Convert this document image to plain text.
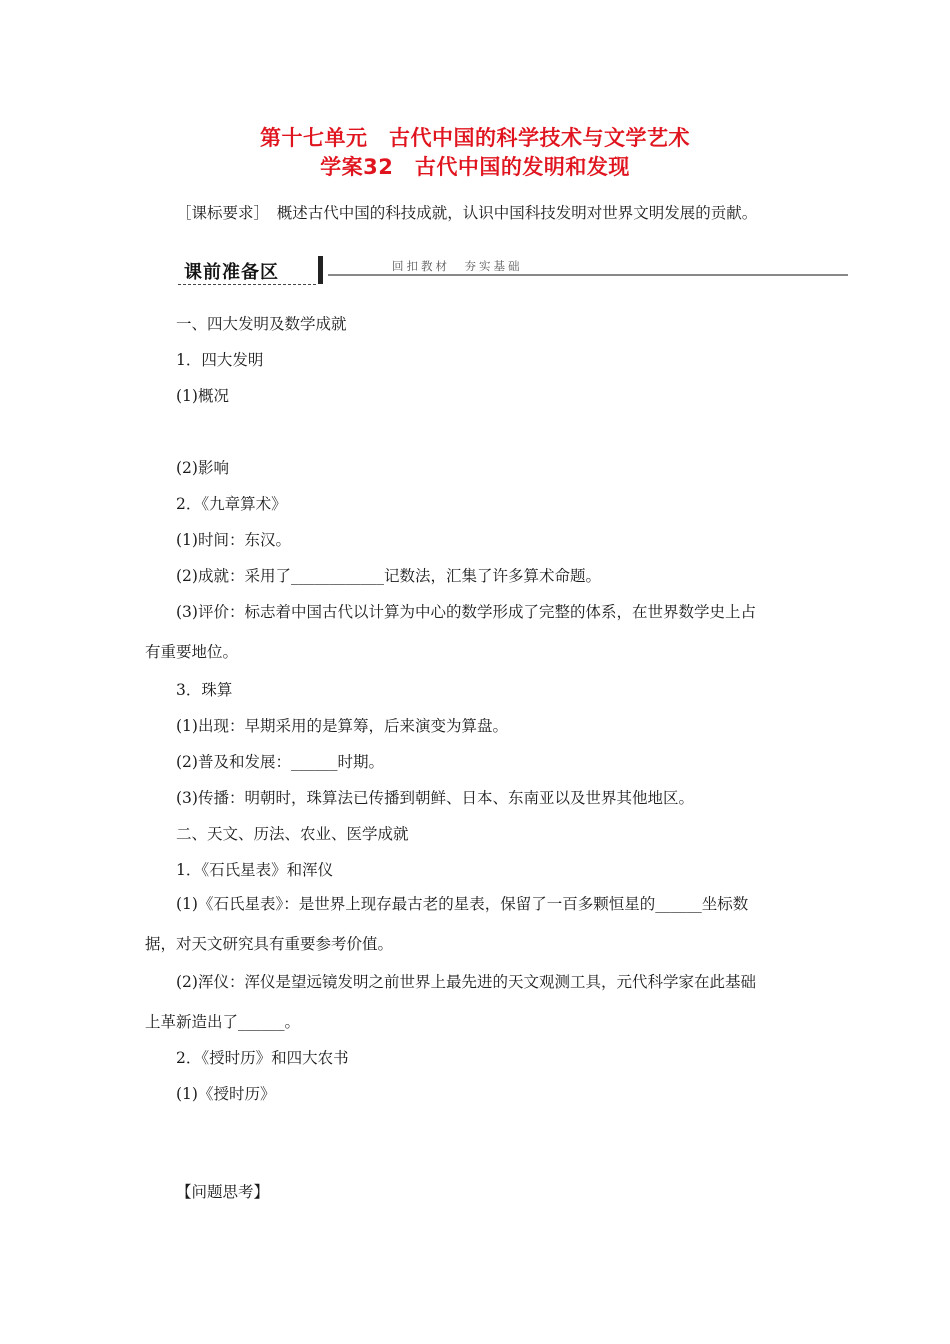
第十七单元　古代中国的科学技术与文学艺术
学案32　古代中国的发明和发现
［课标要求］　概述古代中国的科技成就，认识中国科技发明对世界文明发展的贡献。
课前准备区	回扣教材　夯实基础
一、四大发明及数学成就
1．四大发明
(1)概况
(2)影响
2．《九章算术》
(1)时间：东汉。
(2)成就：采用了____________记数法，汇集了许多算术命题。
(3)评价：标志着中国古代以计算为中心的数学形成了完整的体系，在世界数学史上占
有重要地位。
3．珠算
(1)出现：早期采用的是算筹，后来演变为算盘。
(2)普及和发展：______时期。
(3)传播：明朝时，珠算法已传播到朝鲜、日本、东南亚以及世界其他地区。
二、天文、历法、农业、医学成就
1．《石氏星表》和浑仪
(1)《石氏星表》：是世界上现存最古老的星表，保留了一百多颗恒星的______坐标数
据，对天文研究具有重要参考价值。
(2)浑仪：浑仪是望远镜发明之前世界上最先进的天文观测工具，元代科学家在此基础
上革新造出了______。
2．《授时历》和四大农书
(1)《授时历》
【问题思考】
